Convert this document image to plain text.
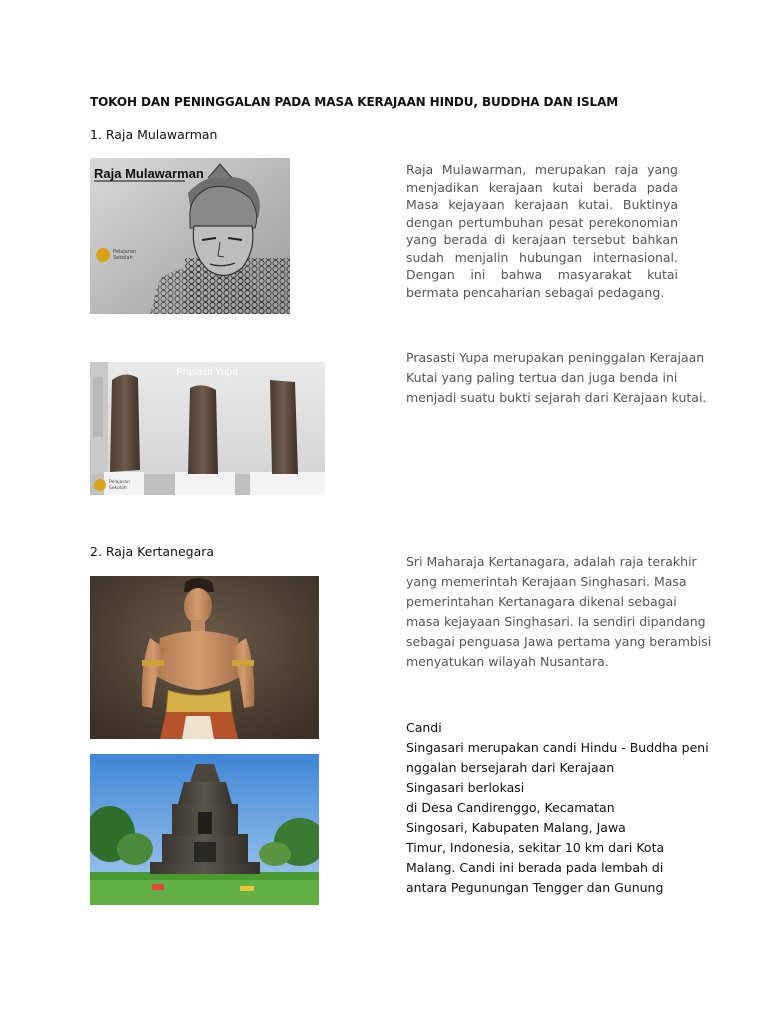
TOKOH DAN PENINGGALAN PADA MASA KERAJAAN HINDU, BUDDHA DAN ISLAM
1. Raja Mulawarman
Raja Mulawarman
Pelajaran
Sekolah
Raja Mulawarman, merupakan raja yang menjadikan kerajaan kutai berada pada Masa kejayaan kerajaan kutai. Buktinya dengan pertumbuhan pesat perekonomian yang berada di kerajaan tersebut bahkan sudah menjalin hubungan internasional. Dengan ini bahwa masyarakat kutai bermata pencaharian sebagai pedagang.
Prasasti Yupa
Pelajaran
Sekolah
Prasasti Yupa merupakan peninggalan Kerajaan
Kutai yang paling tertua dan juga benda ini
menjadi suatu bukti sejarah dari Kerajaan kutai.
2. Raja Kertanegara
Sri Maharaja Kertanagara, adalah raja terakhir
yang memerintah Kerajaan Singhasari. Masa
pemerintahan Kertanagara dikenal sebagai
masa kejayaan Singhasari. Ia sendiri dipandang
sebagai penguasa Jawa pertama yang berambisi
menyatukan wilayah Nusantara.
Candi
Singasari merupakan candi Hindu - Buddha peni
nggalan bersejarah dari Kerajaan
Singasari berlokasi
di Desa Candirenggo, Kecamatan
Singosari, Kabupaten Malang, Jawa
Timur, Indonesia, sekitar 10 km dari Kota
Malang. Candi ini berada pada lembah di
antara Pegunungan Tengger dan Gunung
